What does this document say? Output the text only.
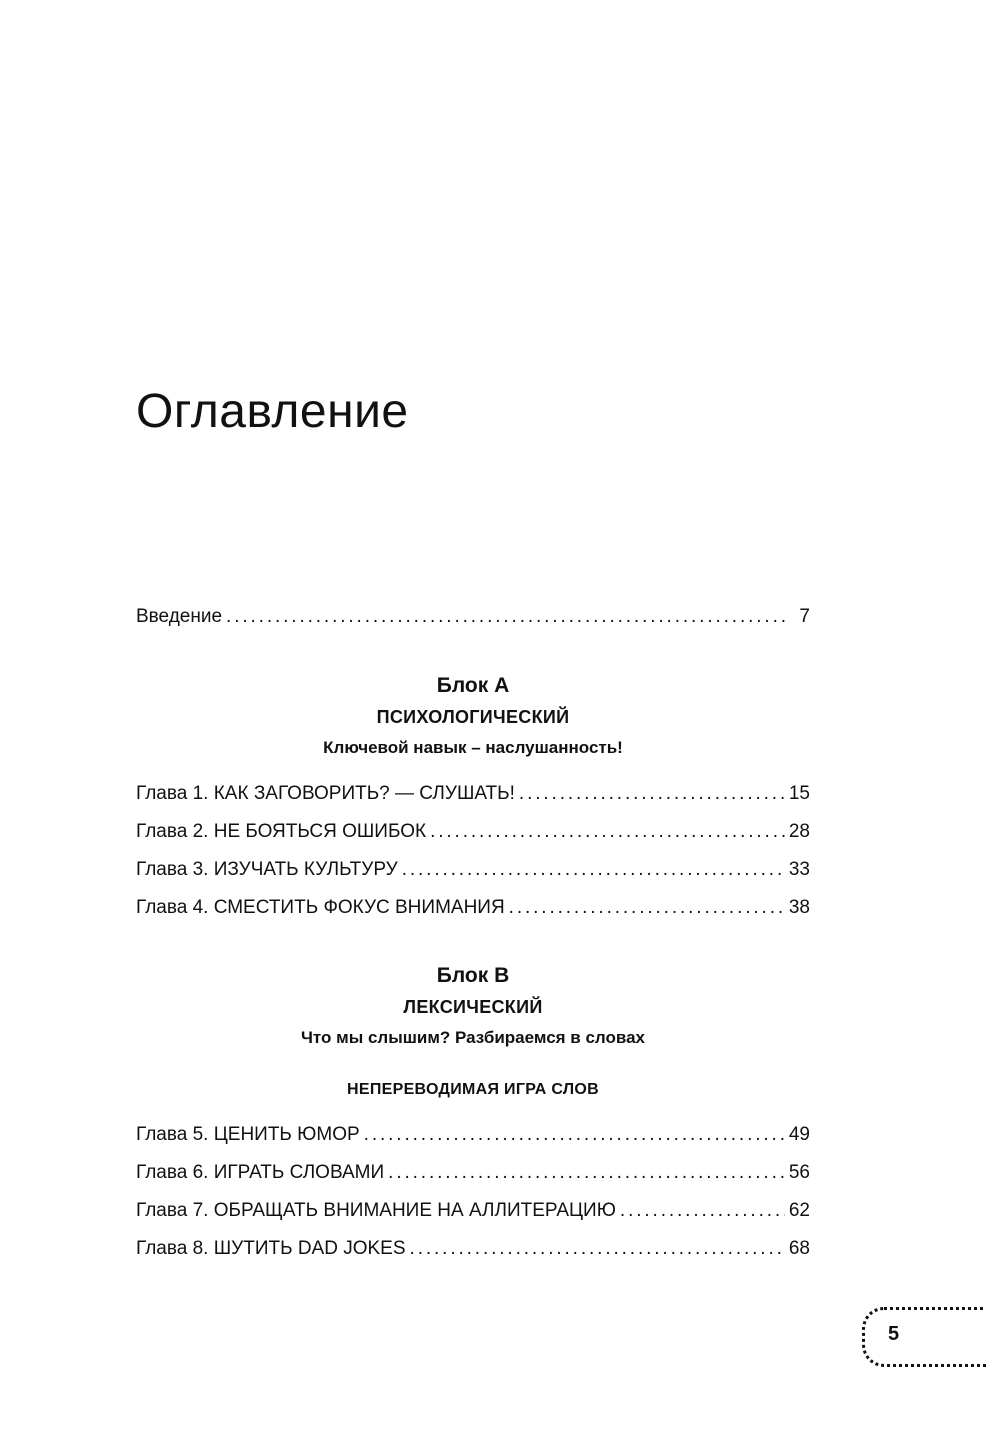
Оглавление
Введение . . .	7
Блок A
ПСИХОЛОГИЧЕСКИЙ
Ключевой навык – наслушанность!
Глава 1. КАК ЗАГОВОРИТЬ? — СЛУШАТЬ! . . .	15
Глава 2. НЕ БОЯТЬСЯ ОШИБОК . . .	28
Глава 3. ИЗУЧАТЬ КУЛЬТУРУ . . .	33
Глава 4. СМЕСТИТЬ ФОКУС ВНИМАНИЯ . . .	38
Блок B
ЛЕКСИЧЕСКИЙ
Что мы слышим? Разбираемся в словах
НЕПЕРЕВОДИМАЯ ИГРА СЛОВ
Глава 5. ЦЕНИТЬ ЮМОР . . .	49
Глава 6. ИГРАТЬ СЛОВАМИ . . .	56
Глава 7. ОБРАЩАТЬ ВНИМАНИЕ НА АЛЛИТЕРАЦИЮ . . .	62
Глава 8. ШУТИТЬ DAD JOKES . . .	68
5
